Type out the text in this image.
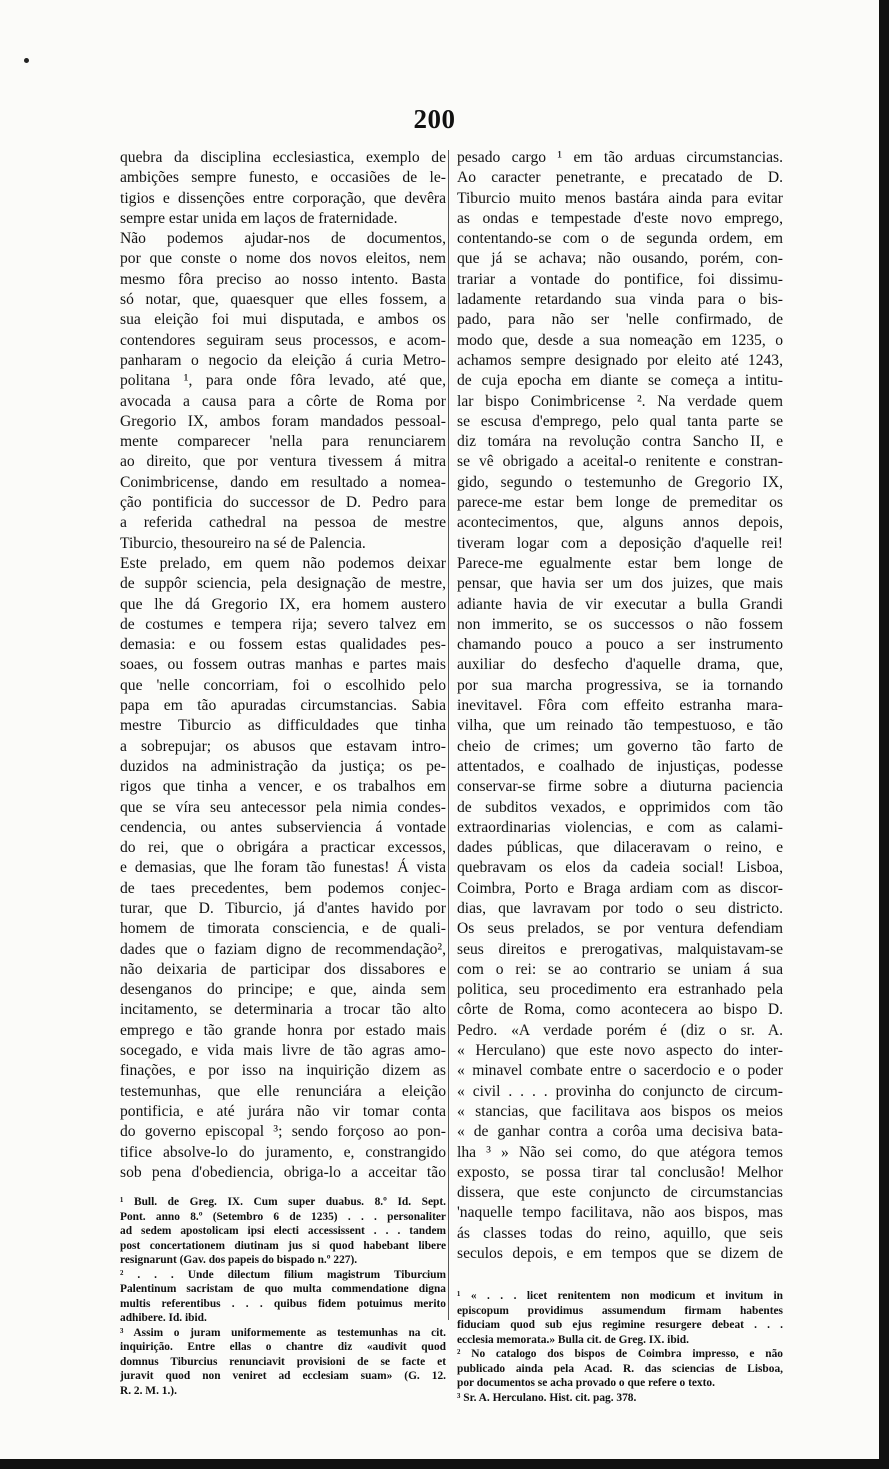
200
quebra da disciplina ecclesiastica, exemplo de
ambições sempre funesto, e occasiões de le-
tigios e dissenções entre corporação, que devêra
sempre estar unida em laços de fraternidade.
Não podemos ajudar-nos de documentos,
por que conste o nome dos novos eleitos, nem
mesmo fôra preciso ao nosso intento. Basta
só notar, que, quaesquer que elles fossem, a
sua eleição foi mui disputada, e ambos os
contendores seguiram seus processos, e acom-
panharam o negocio da eleição á curia Metro-
politana ¹, para onde fôra levado, até que,
avocada a causa para a côrte de Roma por
Gregorio IX, ambos foram mandados pessoal-
mente comparecer 'nella para renunciarem
ao direito, que por ventura tivessem á mitra
Conimbricense, dando em resultado a nomea-
ção pontificia do successor de D. Pedro para
a referida cathedral na pessoa de mestre
Tiburcio, thesoureiro na sé de Palencia.
Este prelado, em quem não podemos deixar
de suppôr sciencia, pela designação de mestre,
que lhe dá Gregorio IX, era homem austero
de costumes e tempera rija; severo talvez em
demasia: e ou fossem estas qualidades pes-
soaes, ou fossem outras manhas e partes mais
que 'nelle concorriam, foi o escolhido pelo
papa em tão apuradas circumstancias. Sabia
mestre Tiburcio as difficuldades que tinha
a sobrepujar; os abusos que estavam intro-
duzidos na administração da justiça; os pe-
rigos que tinha a vencer, e os trabalhos em
que se víra seu antecessor pela nimia condes-
cendencia, ou antes subserviencia á vontade
do rei, que o obrigára a practicar excessos,
e demasias, que lhe foram tão funestas! Á vista
de taes precedentes, bem podemos conjec-
turar, que D. Tiburcio, já d'antes havido por
homem de timorata consciencia, e de quali-
dades que o faziam digno de recommendação²,
não deixaria de participar dos dissabores e
desenganos do principe; e que, ainda sem
incitamento, se determinaria a trocar tão alto
emprego e tão grande honra por estado mais
socegado, e vida mais livre de tão agras amo-
finações, e por isso na inquirição dizem as
testemunhas, que elle renunciára a eleição
pontificia, e até jurára não vir tomar conta
do governo episcopal ³; sendo forçoso ao pon-
tifice absolve-lo do juramento, e, constrangido
sob pena d'obediencia, obriga-lo a acceitar tão
¹ Bull. de Greg. IX. Cum super duabus. 8.º Id. Sept.
Pont. anno 8.º (Setembro 6 de 1235) . . . personaliter
ad sedem apostolicam ipsi electi accessissent . . . tandem
post concertationem diutinam jus si quod habebant libere
resignarunt (Gav. dos papeis do bispado n.º 227).
² . . . Unde dilectum filium magistrum Tiburcium
Palentinum sacristam de quo multa commendatione digna
multis referentibus . . . quibus fidem potuimus merito
adhibere. Id. ibid.
³ Assim o juram uniformemente as testemunhas na cit.
inquirição. Entre ellas o chantre diz «audivit quod
domnus Tiburcius renunciavit provisioni de se facte et
juravit quod non veniret ad ecclesiam suam» (G. 12.
R. 2. M. 1.).
pesado cargo ¹ em tão arduas circumstancias.
Ao caracter penetrante, e precatado de D.
Tiburcio muito menos bastára ainda para evitar
as ondas e tempestade d'este novo emprego,
contentando-se com o de segunda ordem, em
que já se achava; não ousando, porém, con-
trariar a vontade do pontifice, foi dissimu-
ladamente retardando sua vinda para o bis-
pado, para não ser 'nelle confirmado, de
modo que, desde a sua nomeação em 1235, o
achamos sempre designado por eleito até 1243,
de cuja epocha em diante se começa a intitu-
lar bispo Conimbricense ². Na verdade quem
se escusa d'emprego, pelo qual tanta parte se
diz tomára na revolução contra Sancho II, e
se vê obrigado a aceital-o renitente e constran-
gido, segundo o testemunho de Gregorio IX,
parece-me estar bem longe de premeditar os
acontecimentos, que, alguns annos depois,
tiveram logar com a deposição d'aquelle rei!
Parece-me egualmente estar bem longe de
pensar, que havia ser um dos juizes, que mais
adiante havia de vir executar a bulla Grandi
non immerito, se os successos o não fossem
chamando pouco a pouco a ser instrumento
auxiliar do desfecho d'aquelle drama, que,
por sua marcha progressiva, se ia tornando
inevitavel. Fôra com effeito estranha mara-
vilha, que um reinado tão tempestuoso, e tão
cheio de crimes; um governo tão farto de
attentados, e coalhado de injustiças, podesse
conservar-se firme sobre a diuturna paciencia
de subditos vexados, e opprimidos com tão
extraordinarias violencias, e com as calami-
dades públicas, que dilaceravam o reino, e
quebravam os elos da cadeia social! Lisboa,
Coimbra, Porto e Braga ardiam com as discor-
dias, que lavravam por todo o seu districto.
Os seus prelados, se por ventura defendiam
seus direitos e prerogativas, malquistavam-se
com o rei: se ao contrario se uniam á sua
politica, seu procedimento era estranhado pela
côrte de Roma, como acontecera ao bispo D.
Pedro. «A verdade porém é (diz o sr. A.
« Herculano) que este novo aspecto do inter-
« minavel combate entre o sacerdocio e o poder
« civil . . . . provinha do conjuncto de circum-
« stancias, que facilitava aos bispos os meios
« de ganhar contra a corôa uma decisiva bata-
lha ³ » Não sei como, do que atégora temos
exposto, se possa tirar tal conclusão! Melhor
dissera, que este conjuncto de circumstancias
'naquelle tempo facilitava, não aos bispos, mas
ás classes todas do reino, aquillo, que seis
seculos depois, e em tempos que se dizem de
¹ « . . . licet renitentem non modicum et invitum in
episcopum providimus assumendum firmam habentes
fiduciam quod sub ejus regimine resurgere debeat . . .
ecclesia memorata.» Bulla cit. de Greg. IX. ibid.
² No catalogo dos bispos de Coimbra impresso, e não
publicado ainda pela Acad. R. das sciencias de Lisboa,
por documentos se acha provado o que refere o texto.
³ Sr. A. Herculano. Hist. cit. pag. 378.
